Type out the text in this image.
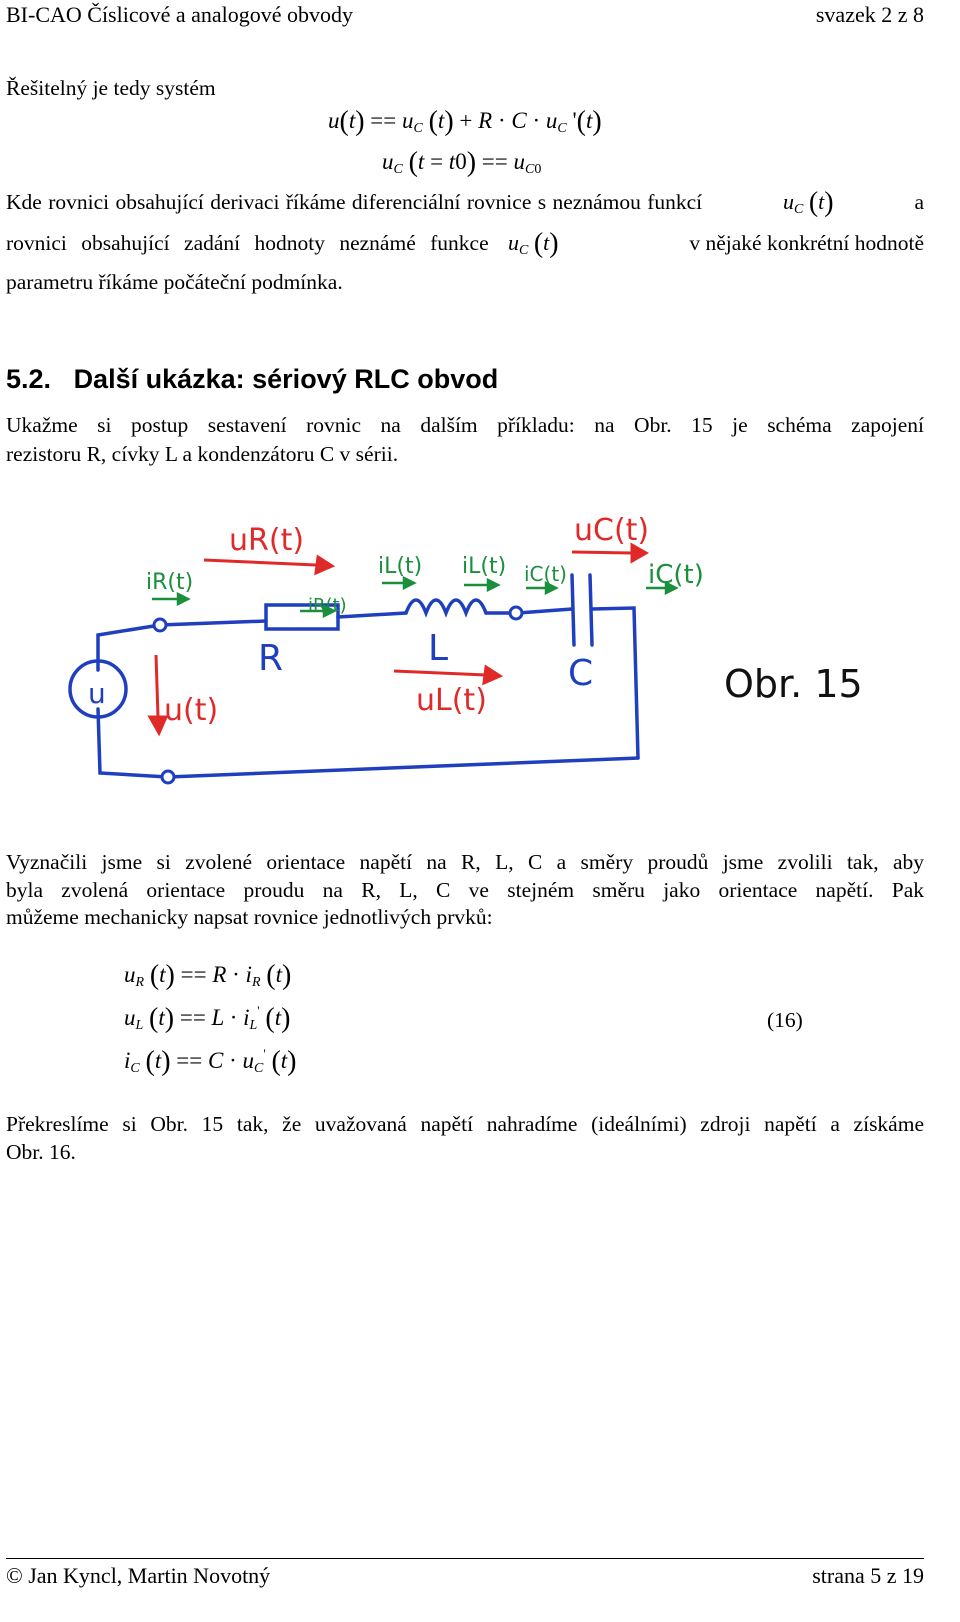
BI-CAO Číslicové a analogové obvody	svazek 2 z 8
Řešitelný je tedy systém
$u(t) == u_C$ $(t) + R \cdot C \cdot u_C$ '(t)
$u_C$ $(t = t0) == u_{C0}$
Kde rovnici obsahující derivaci říkáme diferenciální rovnice s neznámou funkcí	$u_C$ (t)	a
rovnici obsahující zadání hodnoty neznámé funkce $u_C$ (t)	v nějaké konkrétní hodnotě
parametru říkáme počáteční podmínka.
5.2. Další ukázka: sériový RLC obvod
Ukažme si postup sestavení rovnic na dalším příkladu: na Obr. 15 je schéma zapojení
rezistoru R, cívky L a kondenzátoru C v sérii.
R	L
C
u
uR(t)	uC(t)
uL(t)
u(t)
iR(t)
iR(t)
iL(t) iL(t) iC(t)	iC(t)
Obr. 15
Vyznačili jsme si zvolené orientace napětí na R, L, C a směry proudů jsme zvolili tak, aby
byla zvolená orientace proudu na R, L, C ve stejném směru jako orientace napětí. Pak
můžeme mechanicky napsat rovnice jednotlivých prvků:
$u_R$ $(t) == R \cdot i_R$ (t)
$u_L$ $(t) == L \cdot i_L'$ (t)
$i_C$ $(t) == C \cdot u_C'$ (t)
(16)
Překreslíme si Obr. 15 tak, že uvažovaná napětí nahradíme (ideálními) zdroji napětí a získáme
Obr. 16.
© Jan Kyncl, Martin Novotný	strana 5 z 19
